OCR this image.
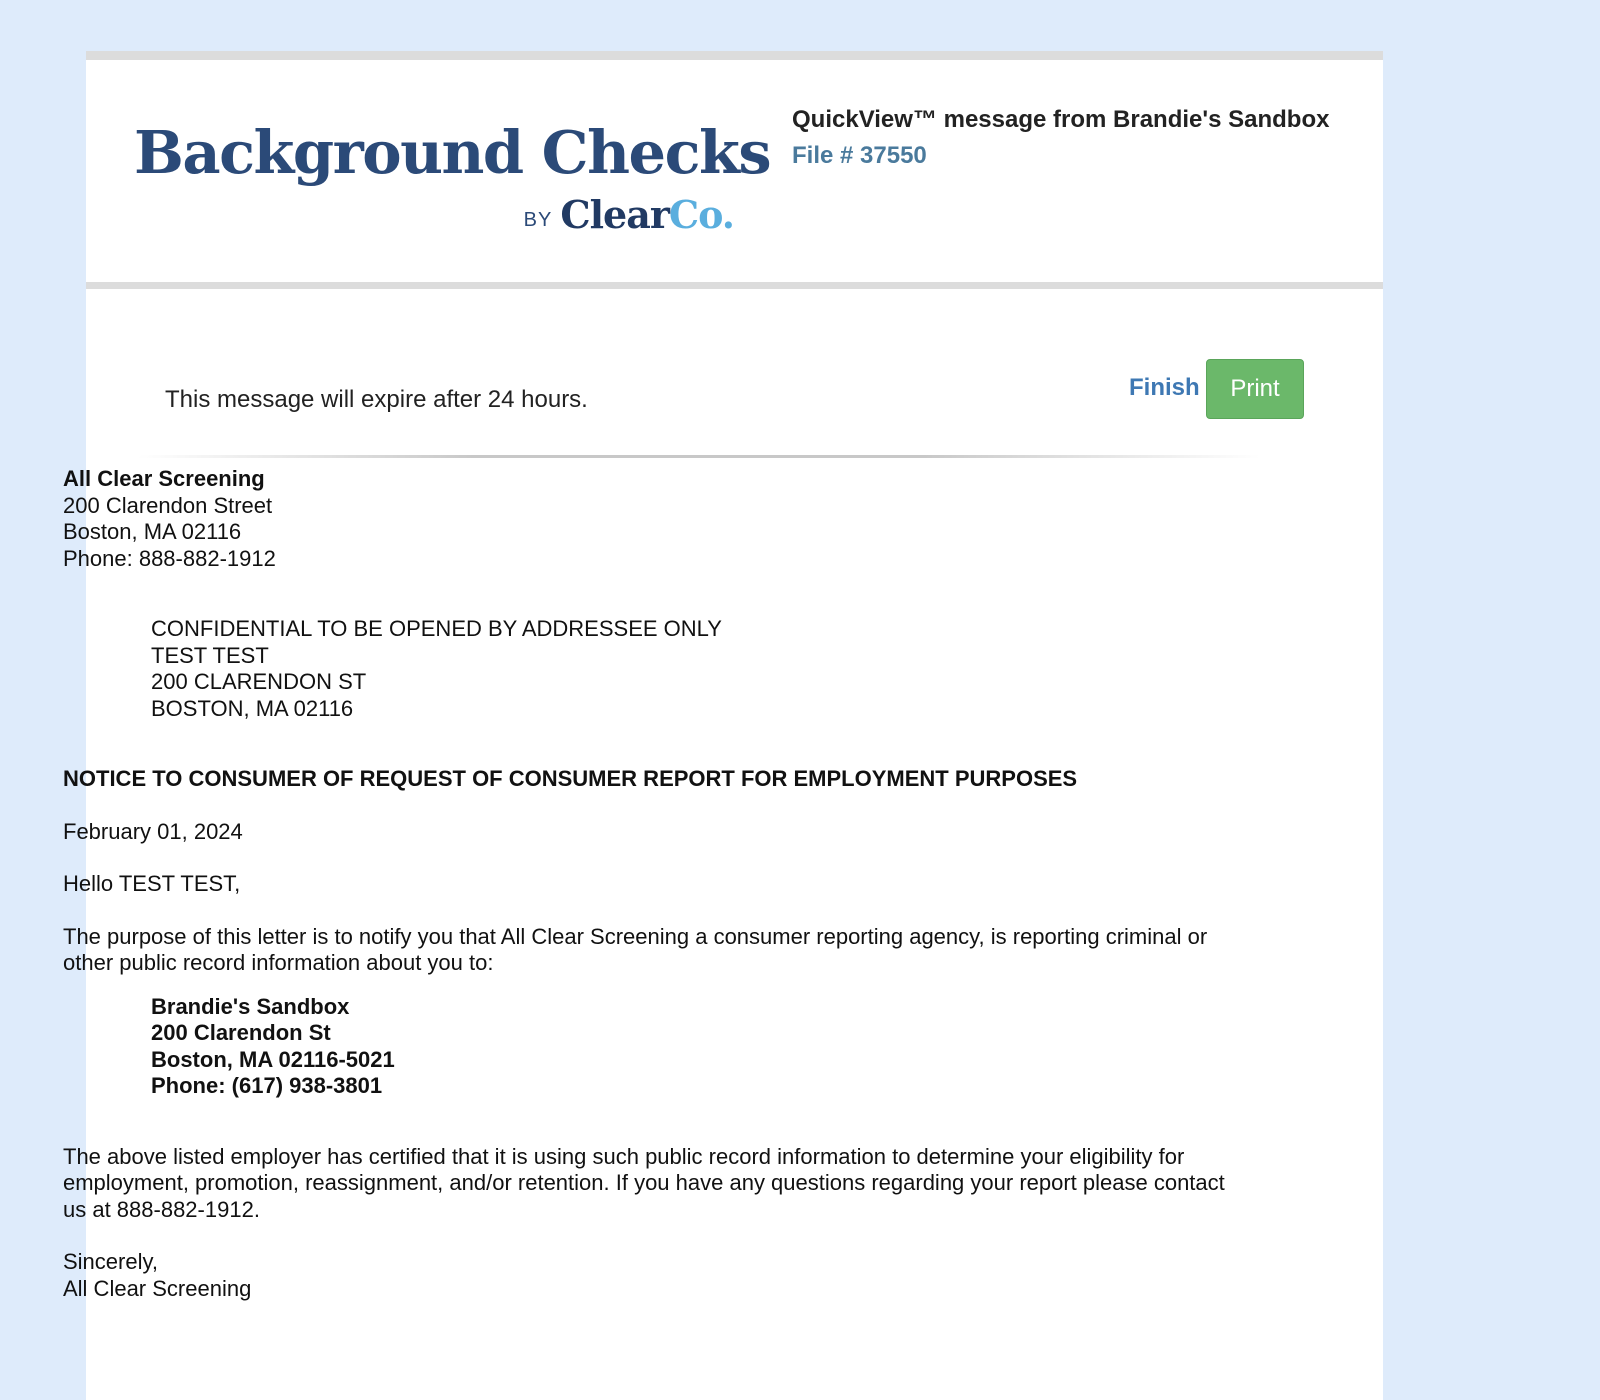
Background Checks
BY ClearCo.
QuickView™ message from Brandie's Sandbox
File # 37550
This message will expire after 24 hours.	Finish	Print
All Clear Screening
200 Clarendon Street
Boston, MA 02116
Phone: 888-882-1912
CONFIDENTIAL TO BE OPENED BY ADDRESSEE ONLY
TEST TEST
200 CLARENDON ST
BOSTON, MA 02116
NOTICE TO CONSUMER OF REQUEST OF CONSUMER REPORT FOR EMPLOYMENT PURPOSES
February 01, 2024
Hello TEST TEST,
The purpose of this letter is to notify you that All Clear Screening a consumer reporting agency, is reporting criminal or other public record information about you to:
Brandie's Sandbox
200 Clarendon St
Boston, MA 02116-5021
Phone: (617) 938-3801
The above listed employer has certified that it is using such public record information to determine your eligibility for employment, promotion, reassignment, and/or retention. If you have any questions regarding your report please contact us at 888-882-1912.
Sincerely,
All Clear Screening
